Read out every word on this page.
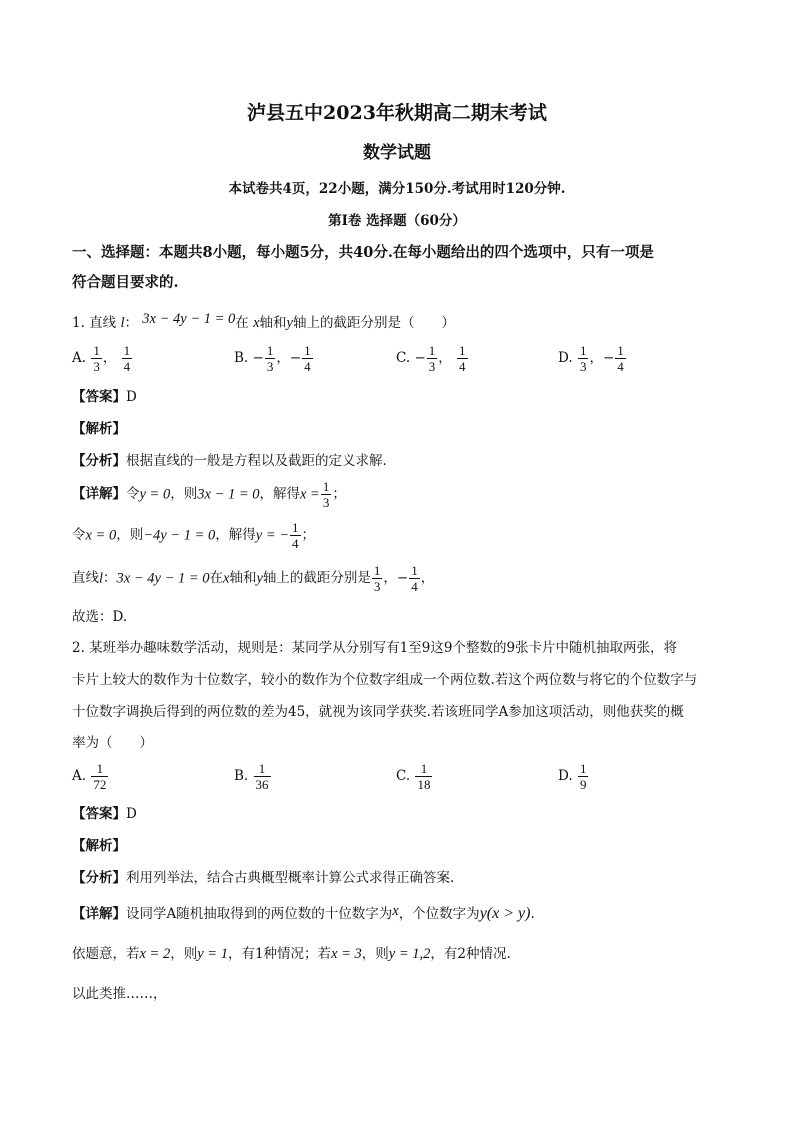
泸县五中2023年秋期高二期末考试
数学试题
本试卷共4页，22小题，满分150分.考试用时120分钟.
第I卷 选择题（60分）
一、选择题：本题共8小题，每小题5分，共40分.在每小题给出的四个选项中，只有一项是
符合题目要求的.
1. 直线 l： 3x − 4y − 1 = 0在 x轴和y轴上的截距分别是（　　）
A. $\frac{1}{3}$ ， $\frac{1}{4}$	B. − $\frac{1}{3}$ ，− $\frac{1}{4}$	C. − $\frac{1}{3}$ ， $\frac{1}{4}$	D. $\frac{1}{3}$ ，− $\frac{1}{4}$
【答案】D
【解析】
【分析】根据直线的一般是方程以及截距的定义求解.
【详解】令y = 0，则3x − 1 = 0，解得$x = \frac{1}{3}$ ；
令x = 0，则−4y − 1 = 0，解得y = − $\frac{1}{4}$ ；
直线l：3x − 4y − 1 = 0在x轴和y轴上的截距分别是 $\frac{1}{3}$ ，− $\frac{1}{4}$ ，
故选：D.
2. 某班举办趣味数学活动，规则是：某同学从分别写有1至9这9个整数的9张卡片中随机抽取两张，将
卡片上较大的数作为十位数字，较小的数作为个位数字组成一个两位数.若这个两位数与将它的个位数字与
十位数字调换后得到的两位数的差为45，就视为该同学获奖.若该班同学A参加这项活动，则他获奖的概
率为（　　）
A. $\frac{1}{72}$	B. $\frac{1}{36}$	C. $\frac{1}{18}$	D. $\frac{1}{9}$
【答案】D
【解析】
【分析】利用列举法，结合古典概型概率计算公式求得正确答案.
【详解】设同学A随机抽取得到的两位数的十位数字为x，个位数字为y(x > y).
依题意，若x = 2，则y = 1，有1种情况；若x = 3，则y = 1,2，有2种情况.
以此类推……，
